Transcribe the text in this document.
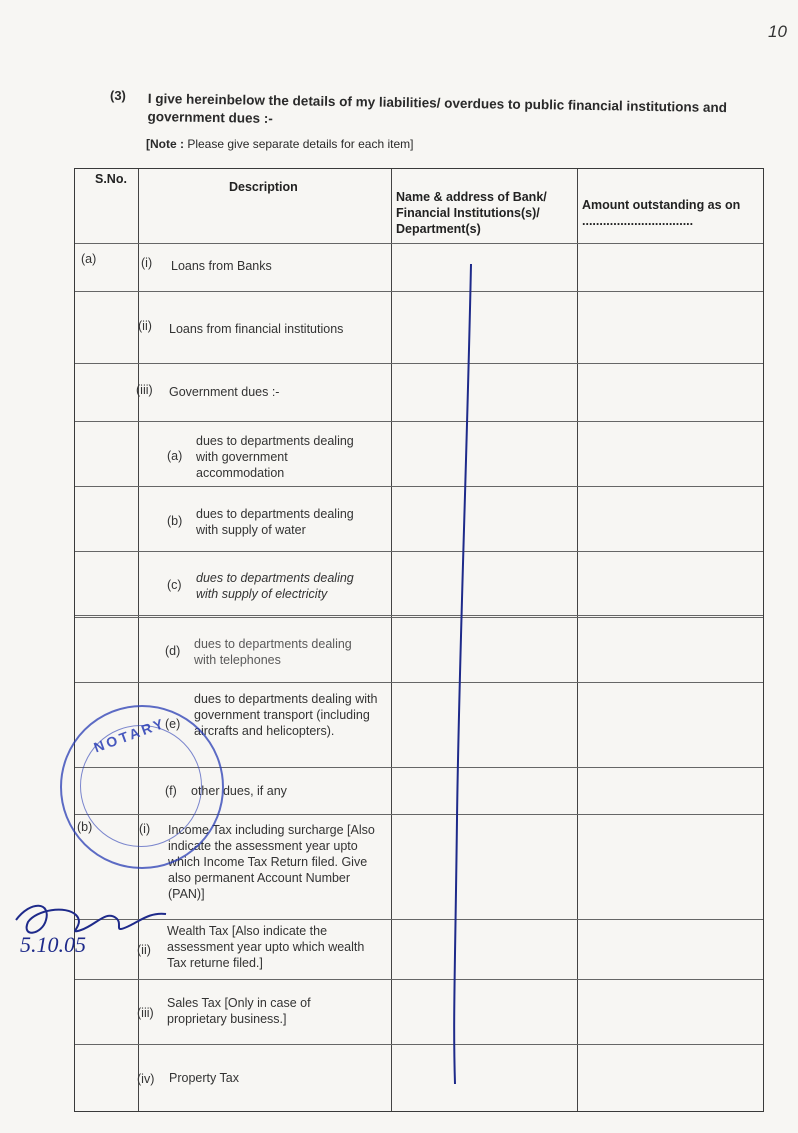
10
(3) I give hereinbelow the details of my liabilities/ overdues to public financial institutions and government dues :-
[Note : Please give separate details for each item]
S.No.
Description
Name & address of Bank/ Financial Institutions(s)/ Department(s)
Amount outstanding as on ................................
(a)	(i) Loans from Banks
(ii) Loans from financial institutions
(iii) Government dues :-
(a)
dues to departments dealing with government accommodation
(b) dues to departments dealing with supply of water
(c) dues to departments dealing with supply of electricity
(d) dues to departments dealing with telephones
(e)
dues to departments dealing with government transport (including aircrafts and helicopters).
(f) other dues, if any
(b)	(i) Income Tax including surcharge [Also indicate the assessment year upto which Income Tax Return filed. Give also permanent Account Number (PAN)]
(ii)
Wealth Tax [Also indicate the assessment year upto which wealth Tax returne filed.]
(iii)
Sales Tax [Only in case of proprietary business.]
(iv) Property Tax
NOTARY
5.10.05
